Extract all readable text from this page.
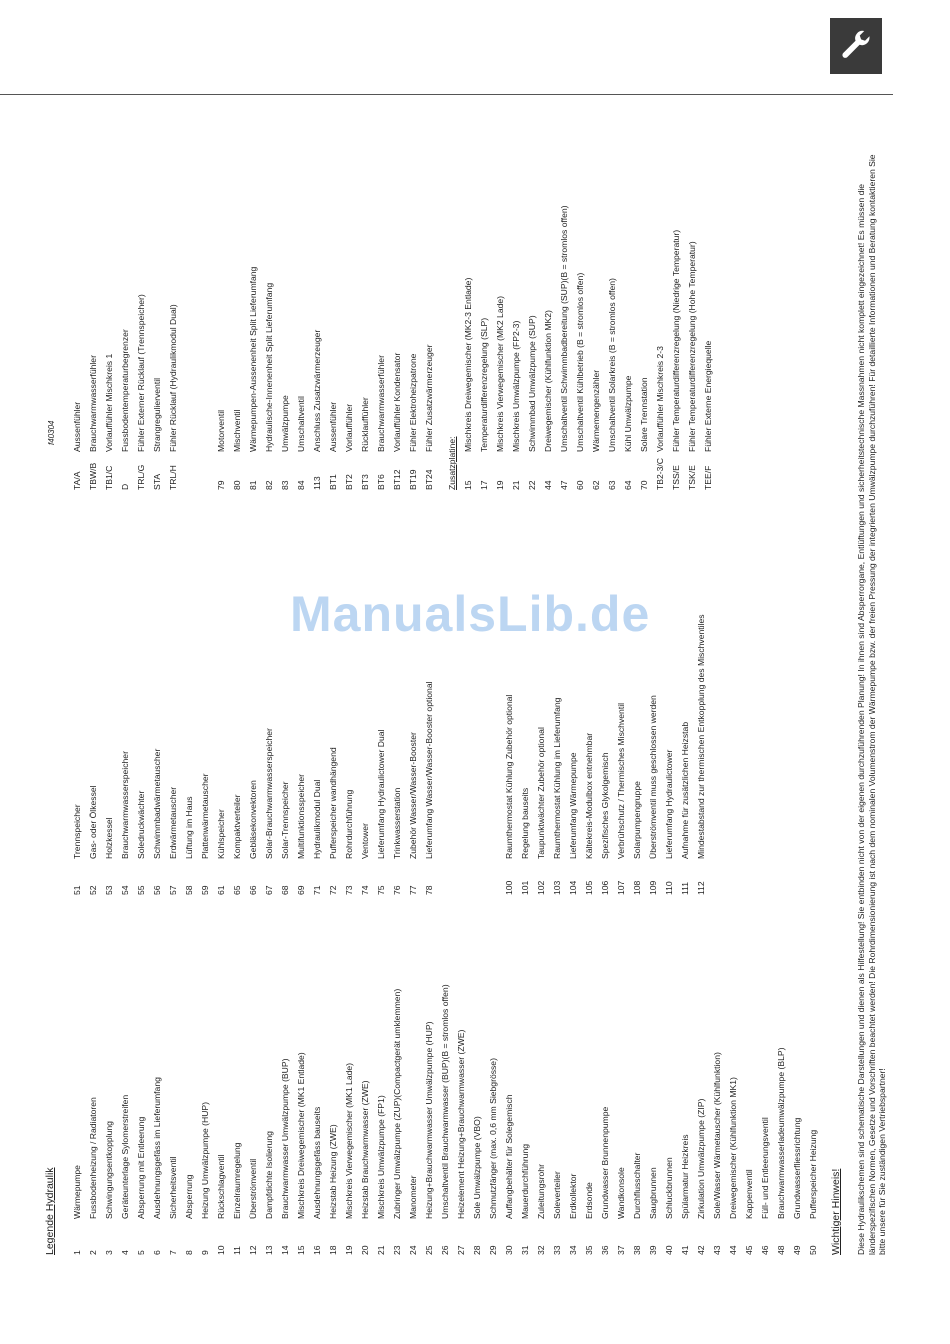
ManualsLib.de
Legende Hydraulik
f40304
1
Wärmepumpe
2
Fussbodenheizung / Radiatoren
3
Schwingungsentkopplung
4
Geräteunterlage Sylomerstreifen
5
Absperrung mit Entleerung
6
Ausdehnungsgefäss im Lieferumfang
7
Sicherheitsventil
8
Absperrung
9
Heizung Umwälzpumpe (HUP)
10
Rückschlagventil
11
Einzelraumregelung
12
Überströmventil
13
Dampfdichte Isolierung
14
Brauchwarmwasser Umwälzpumpe (BUP)
15
Mischkreis Dreiwegemischer (MK1 Entlade)
16
Ausdehnungsgefäss bauseits
18
Heizstab Heizung (ZWE)
19
Mischkreis Vierwegemischer (MK1 Lade)
20
Heizstab Brauchwarmwasser (ZWE)
21
Mischkreis Umwälzpumpe (FP1)
23
Zubringer Umwälzpumpe (ZUP)(Compactgerät umklemmen)
24
Manometer
25
Heizung+Brauchwarmwasser Umwälzpumpe (HUP)
26
Umschaltventil Brauchwarmwasser (BUP)(B = stromlos offen)
27
Heizelement Heizung+Brauchwarmwasser (ZWE)
28
Sole Umwälzpumpe (VBO)
29
Schmutzfänger (max. 0,6 mm Siebgrösse)
30
Auffangbehälter für Solegemisch
31
Mauerdurchführung
32
Zuleitungsrohr
33
Soleverteiler
34
Erdkollektor
35
Erdsonde
36
Grundwasser Brunnenpumpe
37
Wandkonsole
38
Durchflusschalter
39
Saugbrunnen
40
Schluckbrunnen
41
Spülarmatur Heizkreis
42
Zirkulation Umwälzpumpe (ZIP)
43
Sole/Wasser Wärmetauscher (Kühlfunktion)
44
Dreiwegemischer (Kühlfunktion MK1)
45
Kappenventil
46
Füll- und Entleerungsventil
48
Brauchwarmwasserladeumwälzpumpe (BLP)
49
Grundwasserfliessrichtung
50
Pufferspeicher Heizung
51
Trennspeicher
52
Gas- oder Ölkessel
53
Holzkessel
54
Brauchwarmwasserspeicher
55
Soledruckwächter
56
Schwimmbadwärmetauscher
57
Erdwärmetauscher
58
Lüftung im Haus
59
Plattenwärmetauscher
61
Kühlspeicher
65
Kompaktverteiler
66
Gebläsekonvektoren
67
Solar-Brauchwarmwasserspeicher
68
Solar-Trennspeicher
69
Multifunktionsspeicher
71
Hydraulikmodul Dual
72
Pufferspeicher wandhängend
73
Rohrdurchführung
74
Ventower
75
Lieferumfang Hydraulictower Dual
76
Trinkwasserstation
77
Zubehör Wasser/Wasser-Booster
78
Lieferumfang Wasser/Wasser-Booster optional
100
Raumthermostat Kühlung Zubehör optional
101
Regelung bauseits
102
Taupunktwächter Zubehör optional
103
Raumthermostat Kühlung im Lieferumfang
104
Lieferumfang Wärmepumpe
105
Kältekreis-Modulbox entnehmbar
106
Spezifisches Glykolgemisch
107
Verbrühschutz / Thermisches Mischventil
108
Solarpumpengruppe
109
Überströmventil muss geschlossen werden
110
Lieferumfang Hydraulictower
111
Aufnahme für zusätzlichen Heizstab
112
Mindestabstand zur thermischen Entkopplung des Mischventiles
TA/A
Aussenfühler
TBW/B
Brauchwarmwasserfühler
TB1/C
Vorlauffühler Mischkreis 1
D
Fussbodentemperaturbegrenzer
TRL/G
Fühler Externer Rücklauf (Trennspeicher)
STA
Strangregulierventil
TRL/H
Fühler Rücklauf (Hydraulikmodul Dual)
79
Motorventil
80
Mischventil
81
Wärmepumpen-Aussenenheit Split Lieferumfang
82
Hydraulische-Innenenheit Split Lieferumfang
83
Umwälzpumpe
84
Umschaltventil
113
Anschluss Zusatzwärmerzeuger
BT1
Aussenfühler
BT2
Vorlauffühler
BT3
Rücklauffühler
BT6
Brauchwarmwasserfühler
BT12
Vorlauffühler Kondensator
BT19
Fühler Elektroheizpatrone
BT24
Fühler Zusatzwärmerzeuger
Zusatzplatine: 15
Mischkreis Dreiwegemischer (MK2-3 Entlade)
17
Temperaturdifferenzregelung (SLP)
19
Mischkreis Vierwegemischer (MK2 Lade)
21
Mischkreis Umwälzpumpe (FP2-3)
22
Schwimmbad Umwälzpumpe (SUP)
44
Dreiwegemischer (Kühlfunktion MK2)
47
Umschaltventil Schwimmbadbereitung (SUP)(B = stromlos offen)
60
Umschaltventil Kühlbetrieb (B = stromlos offen)
62
Wärmemengenzähler
63
Umschaltventil Solarkreis (B = stromlos offen)
64
Kühl Umwälzpumpe
70
Solare Trennstation
TB2-3/C
Vorlauffühler Mischkreis 2-3
TSS/E
Fühler Temperaturdifferenzregelung (Niedrige Temperatur)
TSK/E
Fühler Temperaturdifferenzregelung (Hohe Temperatur)
TEE/F
Fühler Externe Energiequelle
Wichtiger Hinweis! Diese Hydraulikschemen sind schematische Darstellungen und dienen als Hilfestellung! Sie entbinden nicht von der eigenen durchzuführenden Planung! In ihnen sind Absperrorgane, Entlüftungen und sicherheitstechnische Massnahmen nicht komplett eingezeichnet! Es müssen die länderspezifischen Normen, Gesetze und Vorschriften beachtet werden! Die Rohrdimensionierung ist nach dem nominalen Volumenstrom der Wärmepumpe bzw. der freien Pressung der integrierten Umwälzpumpe durchzuführen! Für detaillierte Informationen und Beratung kontaktieren Sie bitte unsere für Sie zuständigen Vertriebspartner!
